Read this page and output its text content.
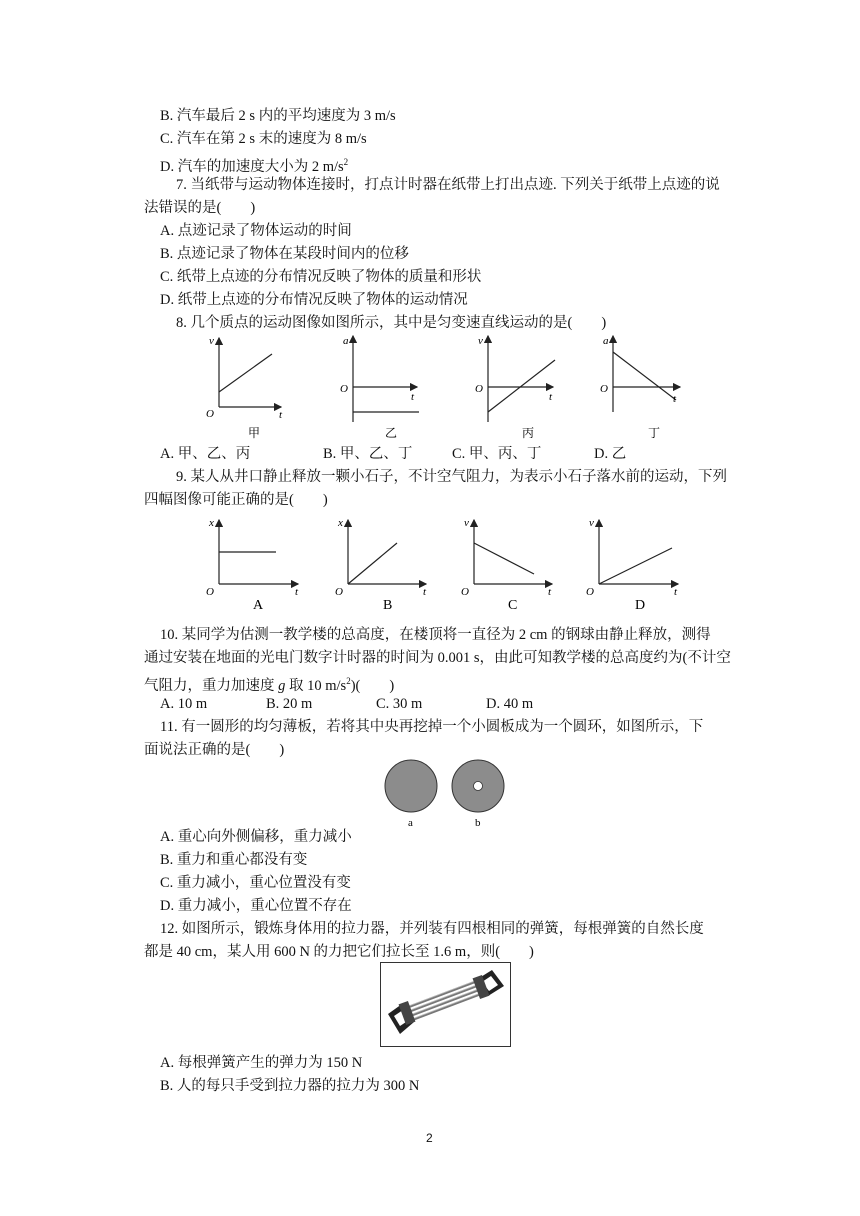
B. 汽车最后 2 s 内的平均速度为 3 m/s
C. 汽车在第 2 s 末的速度为 8 m/s
D. 汽车的加速度大小为 2 $m/s^2$
7. 当纸带与运动物体连接时，打点计时器在纸带上打出点迹. 下列关于纸带上点迹的说
法错误的是(　　)
A. 点迹记录了物体运动的时间
B. 点迹记录了物体在某段时间内的位移
C. 纸带上点迹的分布情况反映了物体的质量和形状
D. 纸带上点迹的分布情况反映了物体的运动情况
8. 几个质点的运动图像如图所示，其中是匀变速直线运动的是(　　)
v
t
O
a
t
O
v
t
O
a
t
O
甲	乙	丙	丁
A. 甲、乙、丙	B. 甲、乙、丁	C. 甲、丙、丁	D. 乙
9. 某人从井口静止释放一颗小石子，不计空气阻力，为表示小石子落水前的运动，下列
四幅图像可能正确的是(　　)
x
t
O
x
t
O
v
t
O
v
t
O
A	B	C	D
10. 某同学为估测一教学楼的总高度，在楼顶将一直径为 2 cm 的钢球由静止释放，测得
通过安装在地面的光电门数字计时器的时间为 0.001 s，由此可知教学楼的总高度约为(不计空
气阻力，重力加速度 g 取 10 $m/s^2$)(　　)
A. 10 m	B. 20 m	C. 30 m	D. 40 m
11. 有一圆形的均匀薄板，若将其中央再挖掉一个小圆板成为一个圆环，如图所示，下
面说法正确的是(　　)
a	b
A. 重心向外侧偏移，重力减小
B. 重力和重心都没有变
C. 重力减小，重心位置没有变
D. 重力减小，重心位置不存在
12. 如图所示，锻炼身体用的拉力器，并列装有四根相同的弹簧，每根弹簧的自然长度
都是 40 cm，某人用 600 N 的力把它们拉长至 1.6 m，则(　　)
A. 每根弹簧产生的弹力为 150 N
B. 人的每只手受到拉力器的拉力为 300 N
2
